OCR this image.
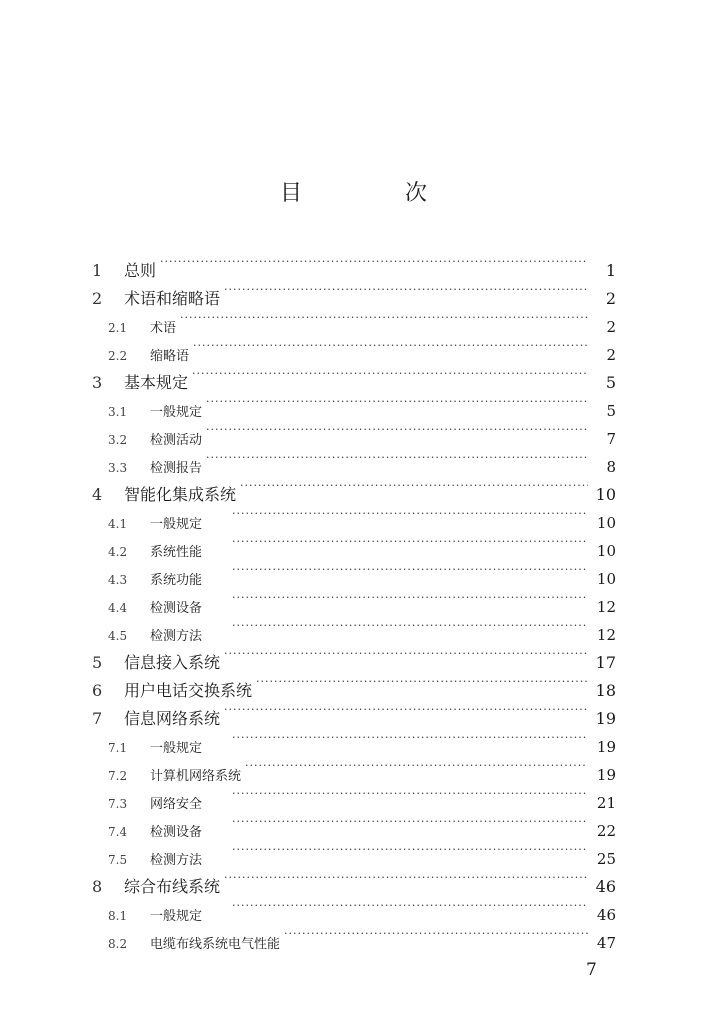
目 次
1	总则 ·····	1
2	术语和缩略语 ·····	2
2.1	术语 ·····	2
2.2	缩略语 ·····	2
3	基本规定 ·····	5
3.1	一般规定 ·····	5
3.2	检测活动 ·····	7
3.3	检测报告 ·····	8
4	智能化集成系统 ·····	10
4.1	一般规定 ·····	10
4.2	系统性能 ·····	10
4.3	系统功能 ·····	10
4.4	检测设备 ·····	12
4.5	检测方法 ·····	12
5	信息接入系统 ·····	17
6	用户电话交换系统 ·····	18
7	信息网络系统 ·····	19
7.1	一般规定 ·····	19
7.2	计算机网络系统 ·····	19
7.3	网络安全 ·····	21
7.4	检测设备 ·····	22
7.5	检测方法 ·····	25
8	综合布线系统 ·····	46
8.1	一般规定 ·····	46
8.2	电缆布线系统电气性能 ·····	47
7
